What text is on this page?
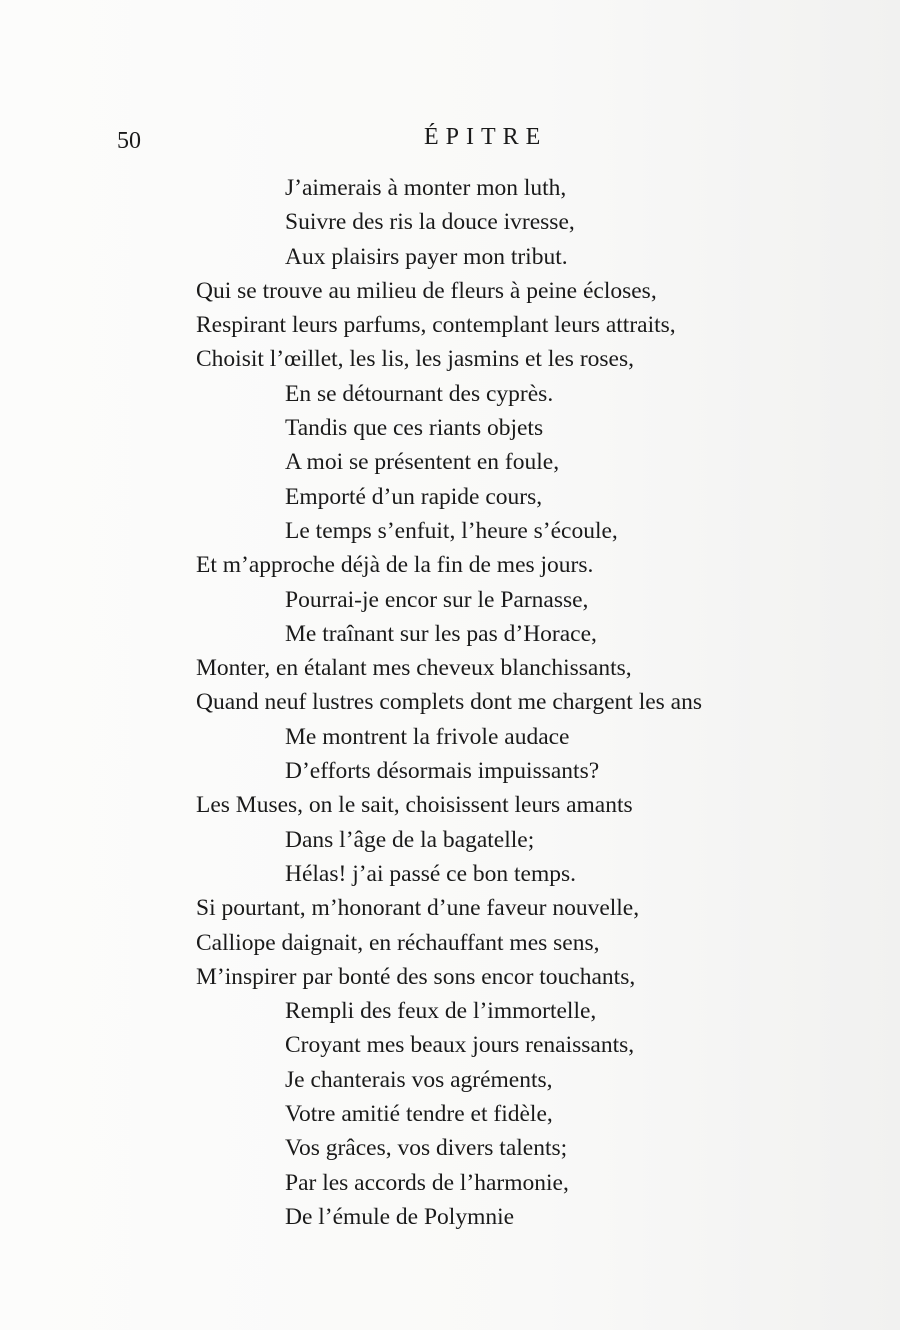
50	ÉPITRE
J’aimerais à monter mon luth,
Suivre des ris la douce ivresse,
Aux plaisirs payer mon tribut.
Qui se trouve au milieu de fleurs à peine écloses,
Respirant leurs parfums, contemplant leurs attraits,
Choisit l’œillet, les lis, les jasmins et les roses,
En se détournant des cyprès.
Tandis que ces riants objets
A moi se présentent en foule,
Emporté d’un rapide cours,
Le temps s’enfuit, l’heure s’écoule,
Et m’approche déjà de la fin de mes jours.
Pourrai-je encor sur le Parnasse,
Me traînant sur les pas d’Horace,
Monter, en étalant mes cheveux blanchissants,
Quand neuf lustres complets dont me chargent les ans
Me montrent la frivole audace
D’efforts désormais impuissants?
Les Muses, on le sait, choisissent leurs amants
Dans l’âge de la bagatelle;
Hélas! j’ai passé ce bon temps.
Si pourtant, m’honorant d’une faveur nouvelle,
Calliope daignait, en réchauffant mes sens,
M’inspirer par bonté des sons encor touchants,
Rempli des feux de l’immortelle,
Croyant mes beaux jours renaissants,
Je chanterais vos agréments,
Votre amitié tendre et fidèle,
Vos grâces, vos divers talents;
Par les accords de l’harmonie,
De l’émule de Polymnie
